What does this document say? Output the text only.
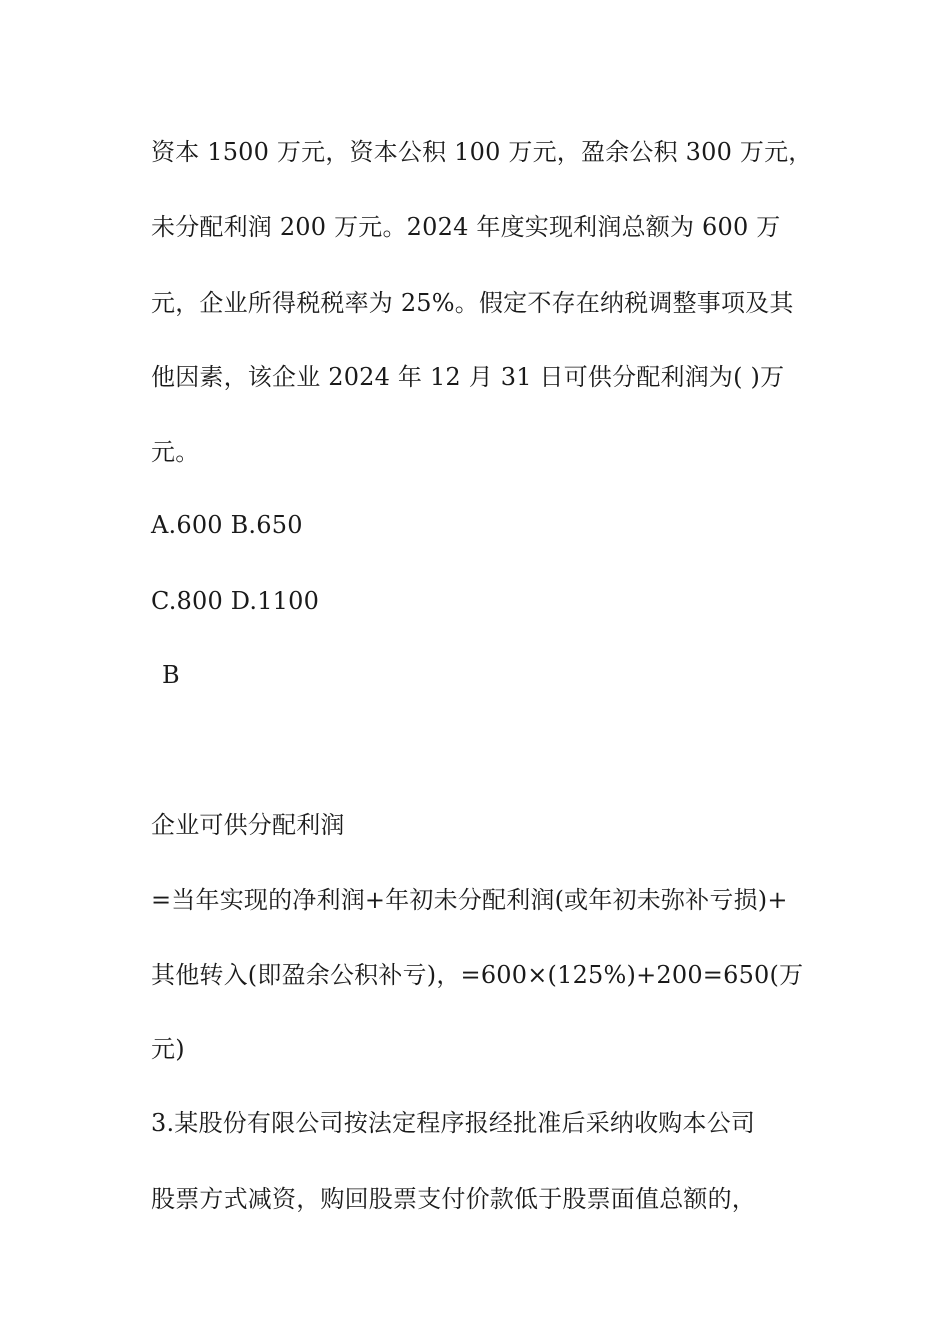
资本 1500 万元，资本公积 100 万元，盈余公积 300 万元，
未分配利润 200 万元。2024 年度实现利润总额为 600 万
元，企业所得税税率为 25%。假定不存在纳税调整事项及其
他因素，该企业 2024 年 12 月 31 日可供分配利润为( )万
元。
A.600 B.650
C.800 D.1100
B
企业可供分配利润
=当年实现的净利润+年初未分配利润(或年初未弥补亏损)+
其他转入(即盈余公积补亏)，=600×(125%)+200=650(万
元)
3.某股份有限公司按法定程序报经批准后采纳收购本公司
股票方式减资，购回股票支付价款低于股票面值总额的，
